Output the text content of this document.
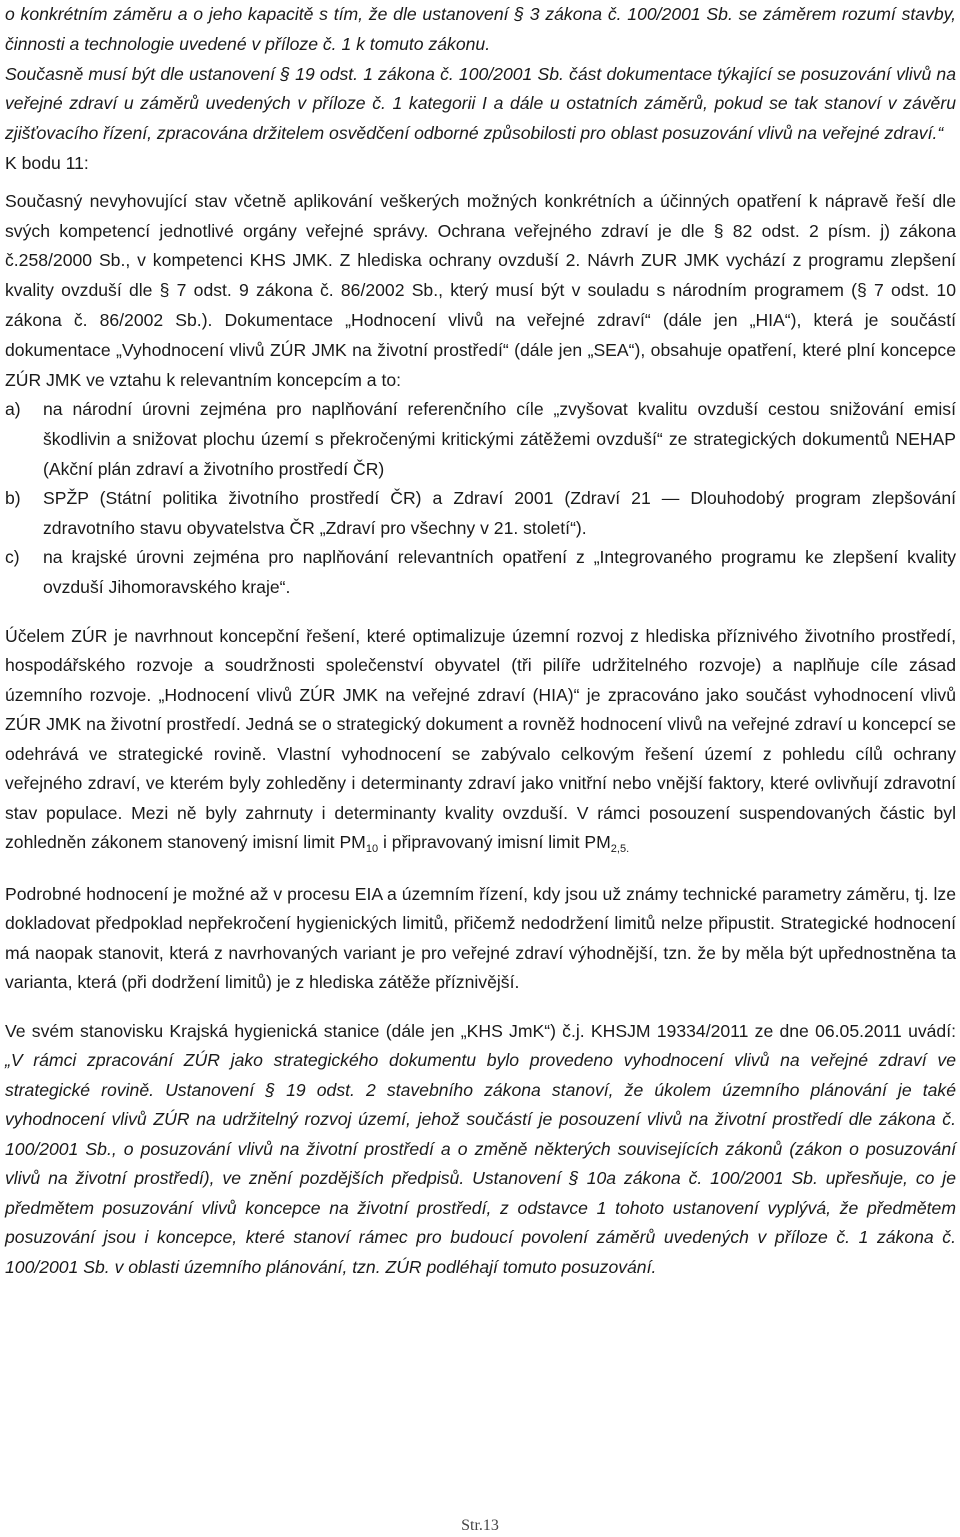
o konkrétním záměru a o jeho kapacitě s tím, že dle ustanovení § 3 zákona č. 100/2001 Sb. se záměrem rozumí stavby, činnosti a technologie uvedené v příloze č. 1 k tomuto zákonu.

Současně musí být dle ustanovení § 19 odst. 1 zákona č. 100/2001 Sb. část dokumentace týkající se posuzování vlivů na veřejné zdraví u záměrů uvedených v příloze č. 1 kategorii I a dále u ostatních záměrů, pokud se tak stanoví v závěru zjišťovacího řízení, zpracována držitelem osvědčení odborné způsobilosti pro oblast posuzování vlivů na veřejné zdraví.“

K bodu 11:

Současný nevyhovující stav včetně aplikování veškerých možných konkrétních a účinných opatření k nápravě řeší dle svých kompetencí jednotlivé orgány veřejné správy. Ochrana veřejného zdraví je dle § 82 odst. 2 písm. j) zákona č.258/2000 Sb., v kompetenci KHS JMK. Z hlediska ochrany ovzduší 2. Návrh ZUR JMK vychází z programu zlepšení kvality ovzduší dle § 7 odst. 9 zákona č. 86/2002 Sb., který musí být v souladu s národním programem (§ 7 odst. 10 zákona č. 86/2002 Sb.). Dokumentace „Hodnocení vlivů na veřejné zdraví“ (dále jen „HIA“), která je součástí dokumentace „Vyhodnocení vlivů ZÚR JMK na životní prostředí“ (dále jen „SEA“), obsahuje opatření, které plní koncepce ZÚR JMK ve vztahu k relevantním koncepcím a to:

a) na národní úrovni zejména pro naplňování referenčního cíle „zvyšovat kvalitu ovzduší cestou snižování emisí škodlivin a snižovat plochu území s překročenými kritickými zátěžemi ovzduší“ ze strategických dokumentů NEHAP (Akční plán zdraví a životního prostředí ČR)
b) SPŽP (Státní politika životního prostředí ČR) a Zdraví 2001 (Zdraví 21 — Dlouhodobý program zlepšování zdravotního stavu obyvatelstva ČR „Zdraví pro všechny v 21. století“).
c) na krajské úrovni zejména pro naplňování relevantních opatření z „Integrovaného programu ke zlepšení kvality ovzduší Jihomoravského kraje“.

Účelem ZÚR je navrhnout koncepční řešení, které optimalizuje územní rozvoj z hlediska příznivého životního prostředí, hospodářského rozvoje a soudržnosti společenství obyvatel (tři pilíře udržitelného rozvoje) a naplňuje cíle zásad územního rozvoje. „Hodnocení vlivů ZÚR JMK na veřejné zdraví (HIA)“ je zpracováno jako součást vyhodnocení vlivů ZÚR JMK na životní prostředí. Jedná se o strategický dokument a rovněž hodnocení vlivů na veřejné zdraví u koncepcí se odehrává ve strategické rovině. Vlastní vyhodnocení se zabývalo celkovým řešení území z pohledu cílů ochrany veřejného zdraví, ve kterém byly zohleděny i determinanty zdraví jako vnitřní nebo vnější faktory, které ovlivňují zdravotní stav populace. Mezi ně byly zahrnuty i determinanty kvality ovzduší. V rámci posouzení suspendovaných částic byl zohledněn zákonem stanovený imisní limit $PM_{10}$ i připravovaný imisní limit $PM_{2,5.}$

Podrobné hodnocení je možné až v procesu EIA a územním řízení, kdy jsou už známy technické parametry záměru, tj. lze dokladovat předpoklad nepřekročení hygienických limitů, přičemž nedodržení limitů nelze připustit. Strategické hodnocení má naopak stanovit, která z navrhovaných variant je pro veřejné zdraví výhodnější, tzn. že by měla být upřednostněna ta varianta, která (při dodržení limitů) je z hlediska zátěže příznivější.

Ve svém stanovisku Krajská hygienická stanice (dále jen „KHS JmK“) č.j. KHSJM 19334/2011 ze dne 06.05.2011 uvádí: „V rámci zpracování ZÚR jako strategického dokumentu bylo provedeno vyhodnocení vlivů na veřejné zdraví ve strategické rovině. Ustanovení § 19 odst. 2 stavebního zákona stanoví, že úkolem územního plánování je také vyhodnocení vlivů ZÚR na udržitelný rozvoj území, jehož součástí je posouzení vlivů na životní prostředí dle zákona č. 100/2001 Sb., o posuzování vlivů na životní prostředí a o změně některých souvisejících zákonů (zákon o posuzování vlivů na životní prostředí), ve znění pozdějších předpisů. Ustanovení § 10a zákona č. 100/2001 Sb. upřesňuje, co je předmětem posuzování vlivů koncepce na životní prostředí, z odstavce 1 tohoto ustanovení vyplývá, že předmětem posuzování jsou i koncepce, které stanoví rámec pro budoucí povolení záměrů uvedených v příloze č. 1 zákona č. 100/2001 Sb. v oblasti územního plánování, tzn. ZÚR podléhají tomuto posuzování.

Str.13
